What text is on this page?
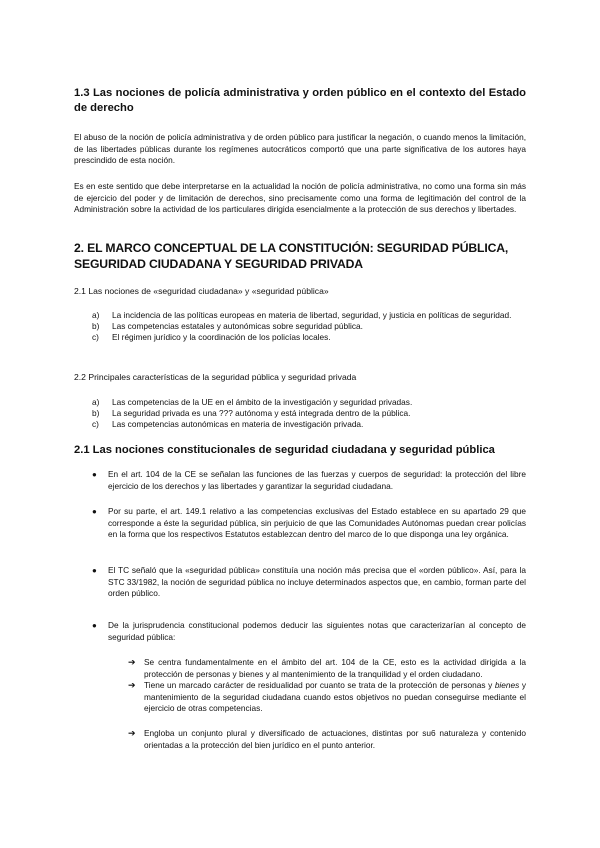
1.3 Las nociones de policía administrativa y orden público en el contexto del Estado de derecho
El abuso de la noción de policía administrativa y de orden público para justificar la negación, o cuando menos la limitación, de las libertades públicas durante los regímenes autocráticos comportó que una parte significativa de los autores haya prescindido de esta noción.
Es en este sentido que debe interpretarse en la actualidad la noción de policía administrativa, no como una forma sin más de ejercicio del poder y de limitación de derechos, sino precisamente como una forma de legitimación del control de la Administración sobre la actividad de los particulares dirigida esencialmente a la protección de sus derechos y libertades.
2. EL MARCO CONCEPTUAL DE LA CONSTITUCIÓN: SEGURIDAD PÚBLICA, SEGURIDAD CIUDADANA Y SEGURIDAD PRIVADA
2.1 Las nociones de «seguridad ciudadana» y «seguridad pública»
a) La incidencia de las políticas europeas en materia de libertad, seguridad, y justicia en políticas de seguridad.
b) Las competencias estatales y autonómicas sobre seguridad pública.
c) El régimen jurídico y la coordinación de los policías locales.
2.2 Principales características de la seguridad pública y seguridad privada
a) Las competencias de la UE en el ámbito de la investigación y seguridad privadas.
b) La seguridad privada es una ??? autónoma y está integrada dentro de la pública.
c) Las competencias autonómicas en materia de investigación privada.
2.1 Las nociones constitucionales de seguridad ciudadana y seguridad pública
● En el art. 104 de la CE se señalan las funciones de las fuerzas y cuerpos de seguridad: la protección del libre ejercicio de los derechos y las libertades y garantizar la seguridad ciudadana.
● Por su parte, el art. 149.1 relativo a las competencias exclusivas del Estado establece en su apartado 29 que corresponde a éste la seguridad pública, sin perjuicio de que las Comunidades Autónomas puedan crear policías en la forma que los respectivos Estatutos establezcan dentro del marco de lo que disponga una ley orgánica.
● El TC señaló que la «seguridad pública» constituía una noción más precisa que el «orden público». Así, para la STC 33/1982, la noción de seguridad pública no incluye determinados aspectos que, en cambio, forman parte del orden público.
● De la jurisprudencia constitucional podemos deducir las siguientes notas que caracterizarían al concepto de seguridad pública:
➔ Se centra fundamentalmente en el ámbito del art. 104 de la CE, esto es la actividad dirigida a la protección de personas y bienes y al mantenimiento de la tranquilidad y el orden ciudadano.
➔ Tiene un marcado carácter de residualidad por cuanto se trata de la protección de personas y bienes y mantenimiento de la seguridad ciudadana cuando estos objetivos no puedan conseguirse mediante el ejercicio de otras competencias.
➔ Engloba un conjunto plural y diversificado de actuaciones, distintas por su6 naturaleza y contenido orientadas a la protección del bien jurídico en el punto anterior.
